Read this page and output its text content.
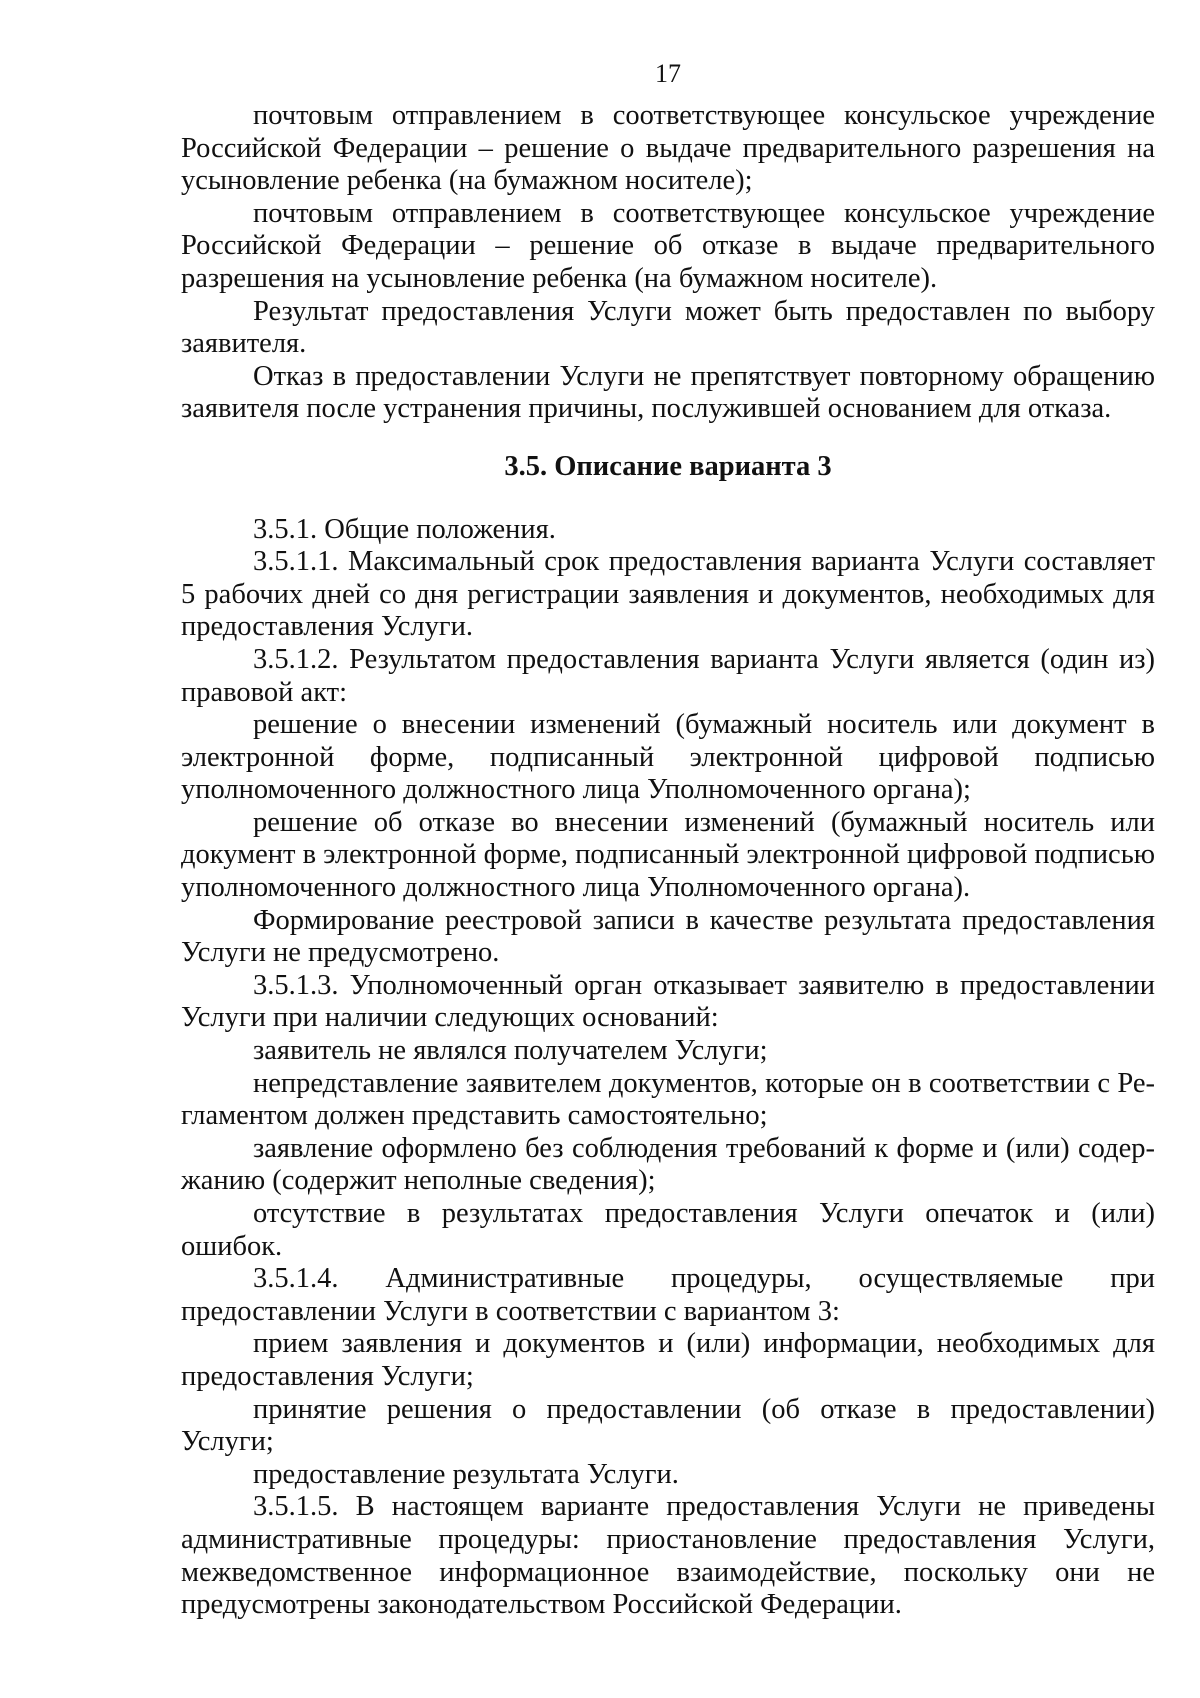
17

почтовым отправлением в соответствующее консульское учреждение Российской Федерации – решение о выдаче предварительного разрешения на усыновление ребенка (на бумажном носителе);

почтовым отправлением в соответствующее консульское учреждение Российской Федерации – решение об отказе в выдаче предварительного разрешения на усыновление ребенка (на бумажном носителе).

Результат предоставления Услуги может быть предоставлен по выбору заявителя.

Отказ в предоставлении Услуги не препятствует повторному обращению заявителя после устранения причины, послужившей основанием для отказа.

3.5. Описание варианта 3

3.5.1. Общие положения.

3.5.1.1. Максимальный срок предоставления варианта Услуги составляет 5 рабочих дней со дня регистрации заявления и документов, необходимых для предоставления Услуги.

3.5.1.2. Результатом предоставления варианта Услуги является (один из) правовой акт:

решение о внесении изменений (бумажный носитель или документ в электронной форме, подписанный электронной цифровой подписью уполномоченного должностного лица Уполномоченного органа);

решение об отказе во внесении изменений (бумажный носитель или документ в электронной форме, подписанный электронной цифровой подписью уполномоченного должностного лица Уполномоченного органа).

Формирование реестровой записи в качестве результата предоставления Услуги не предусмотрено.

3.5.1.3. Уполномоченный орган отказывает заявителю в предоставлении Услуги при наличии следующих оснований:

заявитель не являлся получателем Услуги;

непредставление заявителем документов, которые он в соответствии с Регламентом должен представить самостоятельно;

заявление оформлено без соблюдения требований к форме и (или) содержанию (содержит неполные сведения);

отсутствие в результатах предоставления Услуги опечаток и (или) ошибок.

3.5.1.4. Административные процедуры, осуществляемые при предоставлении Услуги в соответствии с вариантом 3:

прием заявления и документов и (или) информации, необходимых для предоставления Услуги;

принятие решения о предоставлении (об отказе в предоставлении) Услуги;

предоставление результата Услуги.

3.5.1.5. В настоящем варианте предоставления Услуги не приведены административные процедуры: приостановление предоставления Услуги, межведомственное информационное взаимодействие, поскольку они не предусмотрены законодательством Российской Федерации.
